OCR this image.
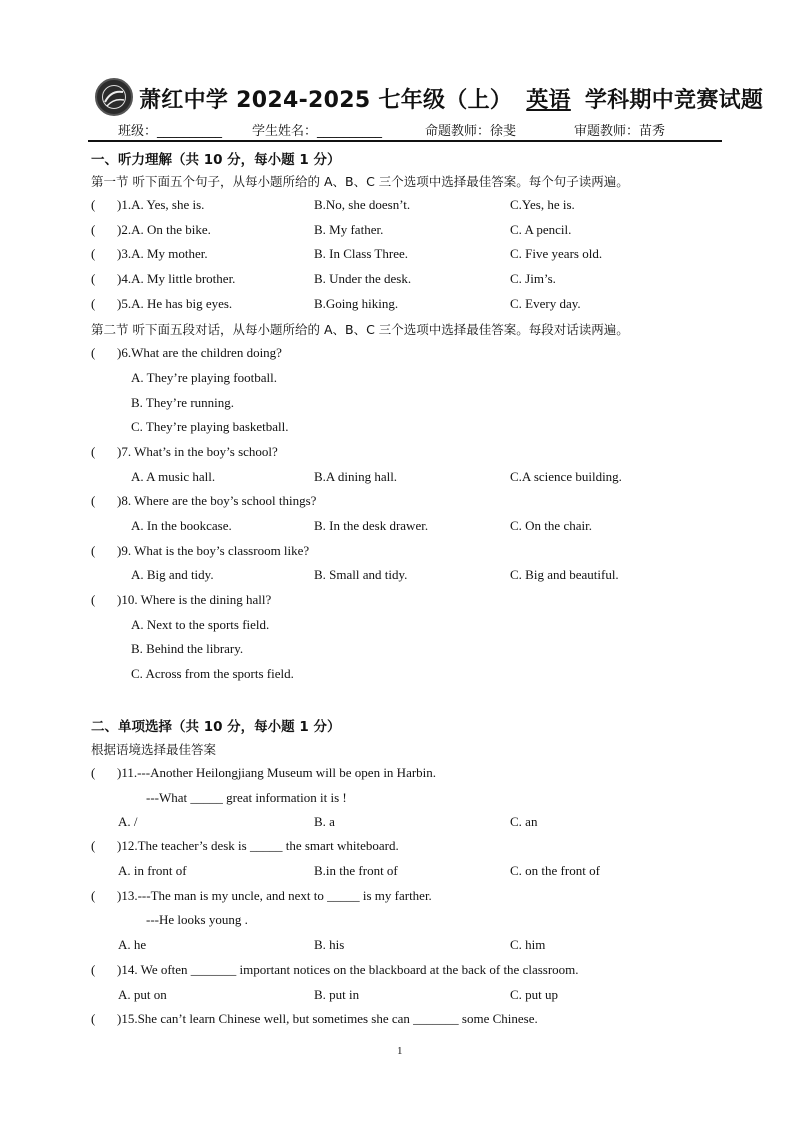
萧红中学 2024-2025 七年级（上） 英语 学科期中竞赛试题
班级：__________ 学生姓名：__________	命题教师：徐斐	审题教师：苗秀
一、听力理解（共 10 分，每小题 1 分）
第一节 听下面五个句子，从每小题所给的 A、B、C 三个选项中选择最佳答案。每个句子读两遍。
( )1.A. Yes, she is.	B.No, she doesn’t.	C.Yes, he is.
( )2.A. On the bike.	B. My father.	C. A pencil.
( )3.A. My mother.	B. In Class Three.	C. Five years old.
( )4.A. My little brother.	B. Under the desk.	C. Jim’s.
( )5.A. He has big eyes.	B.Going hiking.	C. Every day.
第二节 听下面五段对话，从每小题所给的 A、B、C 三个选项中选择最佳答案。每段对话读两遍。
( )6.What are the children doing?
A. They’re playing football.
B. They’re running.
C. They’re playing basketball.
( )7. What’s in the boy’s school?
A. A music hall.	B.A dining hall.	C.A science building.
( )8. Where are the boy’s school things?
A. In the bookcase.	B. In the desk drawer.	C. On the chair.
( )9. What is the boy’s classroom like?
A. Big and tidy.	B. Small and tidy.	C. Big and beautiful.
( )10. Where is the dining hall?
A. Next to the sports field.
B. Behind the library.
C. Across from the sports field.
二、单项选择（共 10 分，每小题 1 分）
根据语境选择最佳答案
( )11.---Another Heilongjiang Museum will be open in Harbin.
---What _____ great information it is !
A. /	B. a	C. an
( )12.The teacher’s desk is _____ the smart whiteboard.
A. in front of	B.in the front of	C. on the front of
( )13.---The man is my uncle, and next to _____ is my farther.
---He looks young .
A. he	B. his	C. him
( )14. We often _______ important notices on the blackboard at the back of the classroom.
A. put on	B. put in	C. put up
( )15.She can’t learn Chinese well, but sometimes she can _______ some Chinese.
1
